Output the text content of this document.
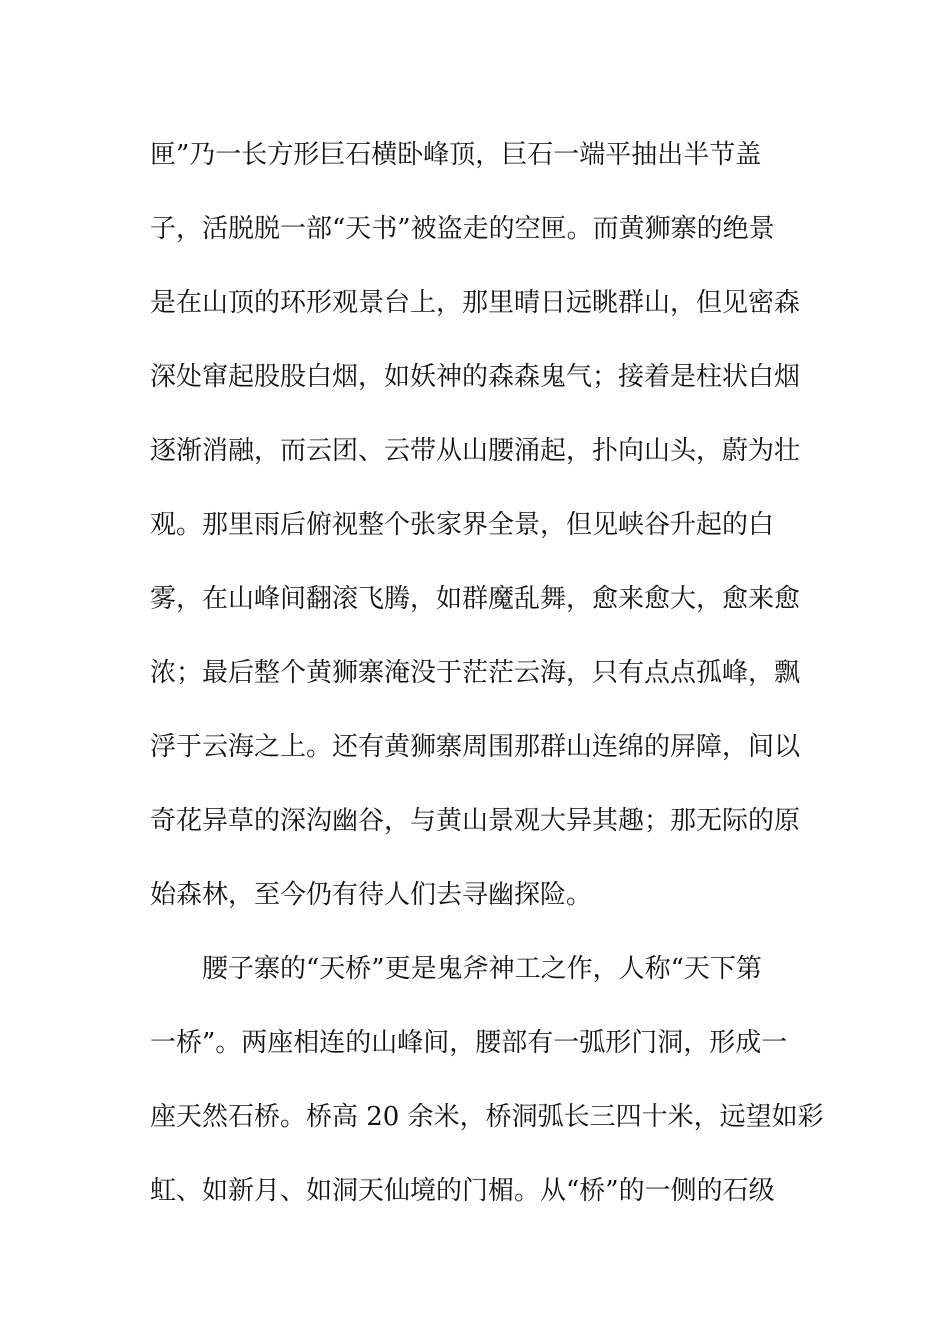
匣”乃一长方形巨石横卧峰顶，巨石一端平抽出半节盖
子，活脱脱一部“天书”被盗走的空匣。而黄狮寨的绝景
是在山顶的环形观景台上，那里晴日远眺群山，但见密森
深处窜起股股白烟，如妖神的森森鬼气；接着是柱状白烟
逐渐消融，而云团、云带从山腰涌起，扑向山头，蔚为壮
观。那里雨后俯视整个张家界全景，但见峡谷升起的白
雾，在山峰间翻滚飞腾，如群魔乱舞，愈来愈大，愈来愈
浓；最后整个黄狮寨淹没于茫茫云海，只有点点孤峰，飘
浮于云海之上。还有黄狮寨周围那群山连绵的屏障，间以
奇花异草的深沟幽谷，与黄山景观大异其趣；那无际的原
始森林，至今仍有待人们去寻幽探险。
腰子寨的“天桥”更是鬼斧神工之作，人称“天下第
一桥”。两座相连的山峰间，腰部有一弧形门洞，形成一
座天然石桥。桥高 20 余米，桥洞弧长三四十米，远望如彩
虹、如新月、如洞天仙境的门楣。从“桥”的一侧的石级
